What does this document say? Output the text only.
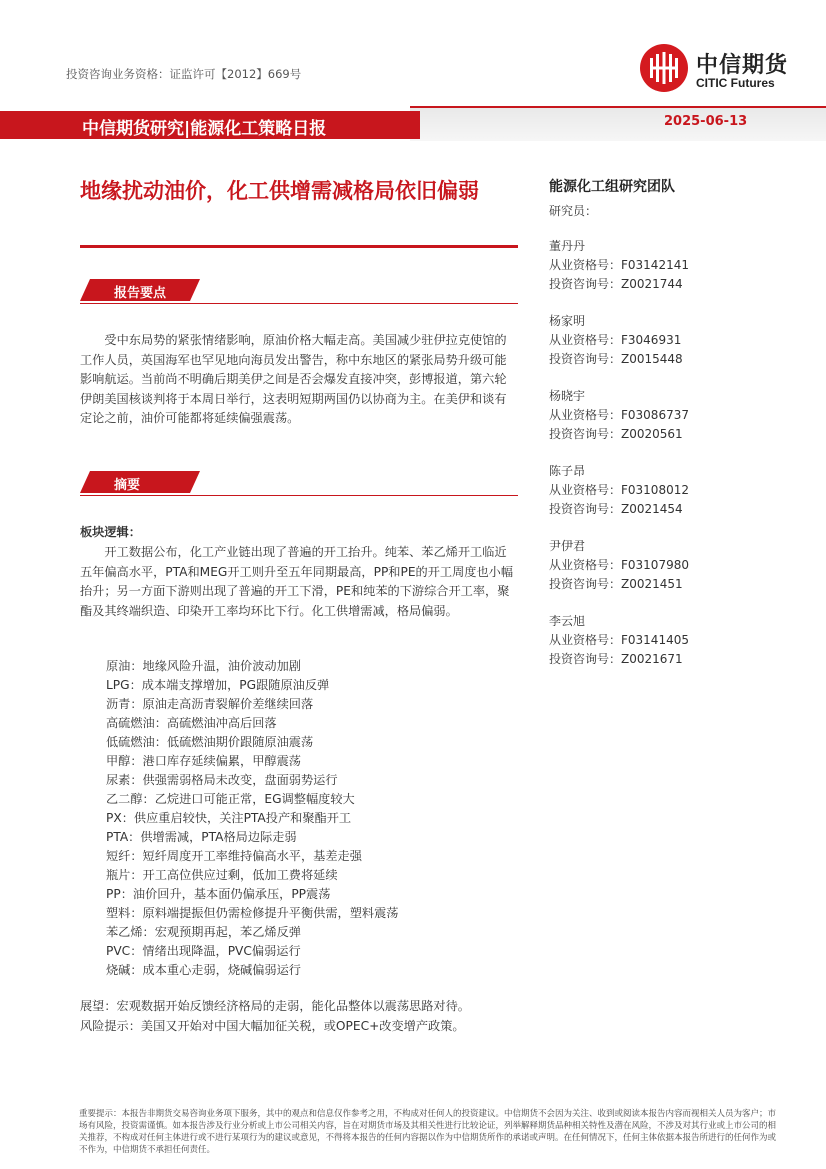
投资咨询业务资格：证监许可【2012】669号	中信期货
CITIC Futures
中信期货研究|能源化工策略日报	2025-06-13
地缘扰动油价，化工供增需减格局依旧偏弱
报告要点
受中东局势的紧张情绪影响，原油价格大幅走高。美国减少驻伊拉克使馆的工作人员，英国海军也罕见地向海员发出警告，称中东地区的紧张局势升级可能影响航运。当前尚不明确后期美伊之间是否会爆发直接冲突，彭博报道，第六轮伊朗美国核谈判将于本周日举行，这表明短期两国仍以协商为主。在美伊和谈有定论之前，油价可能都将延续偏强震荡。
摘要
板块逻辑：
开工数据公布，化工产业链出现了普遍的开工抬升。纯苯、苯乙烯开工临近五年偏高水平，PTA和MEG开工则升至五年同期最高，PP和PE的开工周度也小幅抬升；另一方面下游则出现了普遍的开工下滑，PE和纯苯的下游综合开工率，聚酯及其终端织造、印染开工率均环比下行。化工供增需减，格局偏弱。
原油：地缘风险升温，油价波动加剧
LPG：成本端支撑增加，PG跟随原油反弹
沥青：原油走高沥青裂解价差继续回落
高硫燃油：高硫燃油冲高后回落
低硫燃油：低硫燃油期价跟随原油震荡
甲醇：港口库存延续偏累，甲醇震荡
尿素：供强需弱格局未改变，盘面弱势运行
乙二醇：乙烷进口可能正常，EG调整幅度较大
PX：供应重启较快，关注PTA投产和聚酯开工
PTA：供增需减，PTA格局边际走弱
短纤：短纤周度开工率维持偏高水平，基差走强
瓶片：开工高位供应过剩，低加工费将延续
PP：油价回升，基本面仍偏承压，PP震荡
塑料：原料端提振但仍需检修提升平衡供需，塑料震荡
苯乙烯：宏观预期再起，苯乙烯反弹
PVC：情绪出现降温，PVC偏弱运行
烧碱：成本重心走弱，烧碱偏弱运行
展望：宏观数据开始反馈经济格局的走弱，能化品整体以震荡思路对待。
风险提示：美国又开始对中国大幅加征关税，或OPEC+改变增产政策。
能源化工组研究团队
研究员：
董丹丹
从业资格号：F03142141
投资咨询号：Z0021744
杨家明
从业资格号：F3046931
投资咨询号：Z0015448
杨晓宇
从业资格号：F03086737
投资咨询号：Z0020561
陈子昂
从业资格号：F03108012
投资咨询号：Z0021454
尹伊君
从业资格号：F03107980
投资咨询号：Z0021451
李云旭
从业资格号：F03141405
投资咨询号：Z0021671
重要提示：本报告非期货交易咨询业务项下服务，其中的观点和信息仅作参考之用，不构成对任何人的投资建议。中信期货不会因为关注、收到或阅读本报告内容而视相关人员为客户；市场有风险，投资需谨慎。如本报告涉及行业分析或上市公司相关内容，旨在对期货市场及其相关性进行比较论证，列举解释期货品种相关特性及潜在风险，不涉及对其行业或上市公司的相关推荐，不构成对任何主体进行或不进行某项行为的建议或意见，不得将本报告的任何内容据以作为中信期货所作的承诺或声明。在任何情况下，任何主体依据本报告所进行的任何作为或不作为，中信期货不承担任何责任。
